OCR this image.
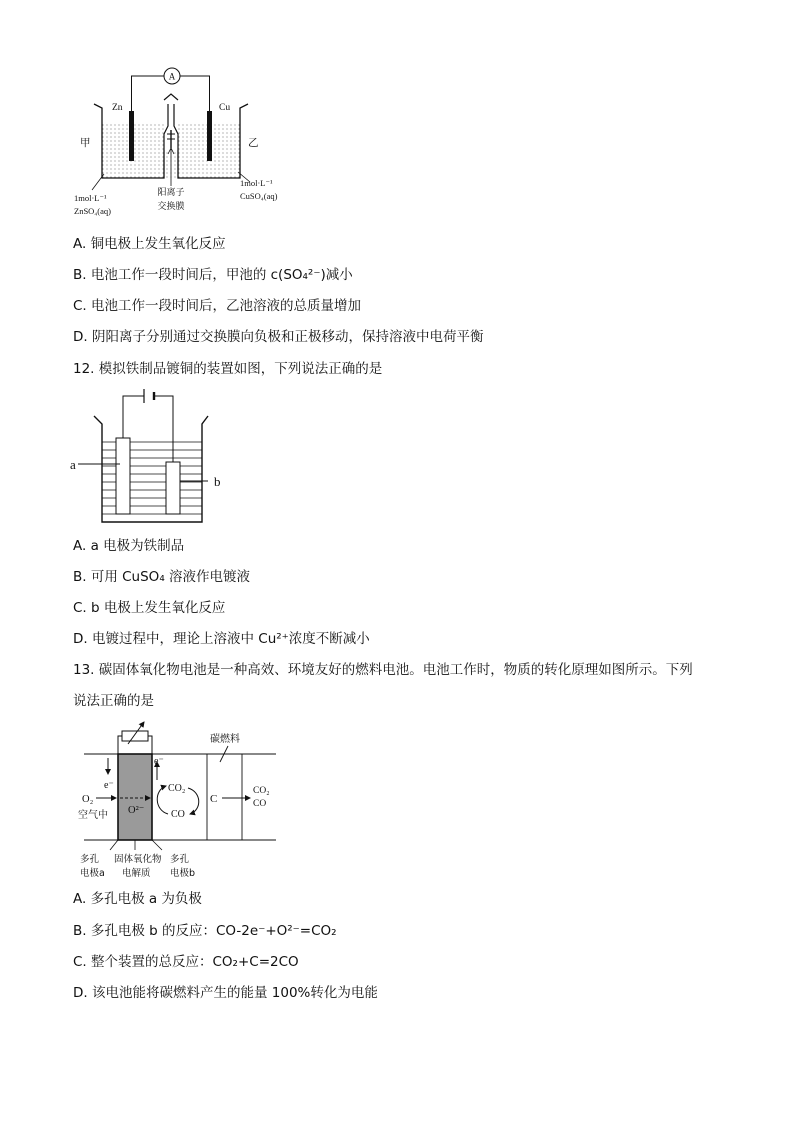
A
Zn	Cu
甲	乙
1mol·L⁻¹
ZnSO₄(aq)
1mol·L⁻¹
CuSO₄(aq)
阳离子
交换膜
A. 铜电极上发生氧化反应
B. 电池工作一段时间后，甲池的 c(SO₄²⁻)减小
C. 电池工作一段时间后，乙池溶液的总质量增加
D. 阴阳离子分别通过交换膜向负极和正极移动，保持溶液中电荷平衡
12. 模拟铁制品镀铜的装置如图，下列说法正确的是
a
b
A. a 电极为铁制品
B. 可用 CuSO₄ 溶液作电镀液
C. b 电极上发生氧化反应
D. 电镀过程中，理论上溶液中 Cu²⁺浓度不断减小
13. 碳固体氧化物电池是一种高效、环境友好的燃料电池。电池工作时，物质的转化原理如图所示。下列
说法正确的是
e⁻
e⁻
O₂
空气中 O²⁻
CO₂
CO
C
CO₂
CO
碳燃料
多孔
电极a
固体氧化物
电解质
多孔
电极b
A. 多孔电极 a 为负极
B. 多孔电极 b 的反应：CO-2e⁻+O²⁻=CO₂
C. 整个装置的总反应：CO₂+C=2CO
D. 该电池能将碳燃料产生的能量 100%转化为电能
